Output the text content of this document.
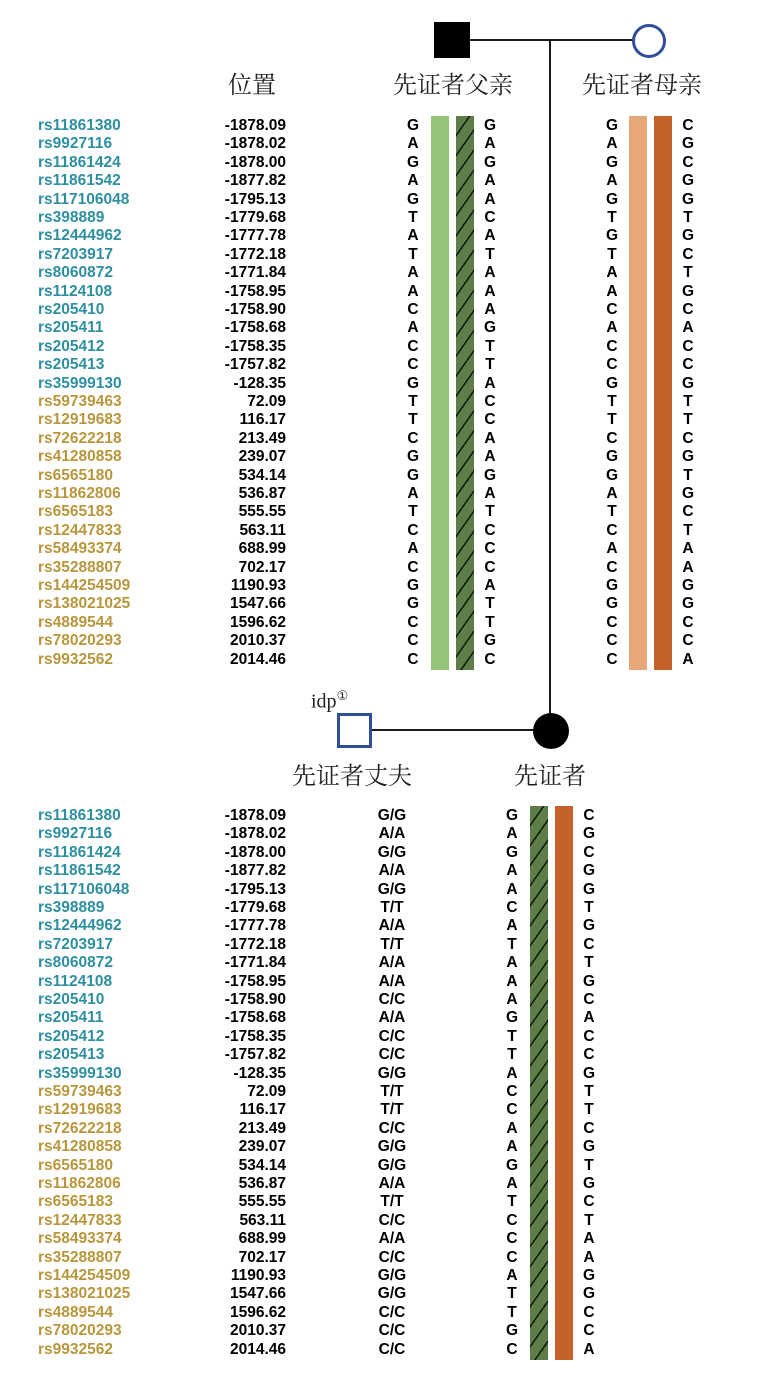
位置	先证者父亲	先证者母亲
idp①
先证者丈夫	先证者
rs11861380	-1878.09	G	G	G	C
rs9927116	-1878.02	A	A	A	G
rs11861424	-1878.00	G	G	G	C
rs11861542	-1877.82	A	A	A	G
rs117106048	-1795.13	G	A	G	G
rs398889	-1779.68	T	C	T	T
rs12444962	-1777.78	A	A	G	G
rs7203917	-1772.18	T	T	T	C
rs8060872	-1771.84	A	A	A	T
rs1124108	-1758.95	A	A	A	G
rs205410	-1758.90	C	A	C	C
rs205411	-1758.68	A	G	A	A
rs205412	-1758.35	C	T	C	C
rs205413	-1757.82	C	T	C	C
rs35999130	-128.35	G	A	G	G
rs59739463	72.09	T	C	T	T
rs12919683	116.17	T	C	T	T
rs72622218	213.49	C	A	C	C
rs41280858	239.07	G	A	G	G
rs6565180	534.14	G	G	G	T
rs11862806	536.87	A	A	A	G
rs6565183	555.55	T	T	T	C
rs12447833	563.11	C	C	C	T
rs58493374	688.99	A	C	A	A
rs35288807	702.17	C	C	C	A
rs144254509	1190.93	G	A	G	G
rs138021025	1547.66	G	T	G	G
rs4889544	1596.62	C	T	C	C
rs78020293	2010.37	C	G	C	C
rs9932562	2014.46	C	C	C	A
rs11861380	-1878.09	G/G	G	C
rs9927116	-1878.02	A/A	A	G
rs11861424	-1878.00	G/G	G	C
rs11861542	-1877.82	A/A	A	G
rs117106048	-1795.13	G/G	A	G
rs398889	-1779.68	T/T	C	T
rs12444962	-1777.78	A/A	A	G
rs7203917	-1772.18	T/T	T	C
rs8060872	-1771.84	A/A	A	T
rs1124108	-1758.95	A/A	A	G
rs205410	-1758.90	C/C	A	C
rs205411	-1758.68	A/A	G	A
rs205412	-1758.35	C/C	T	C
rs205413	-1757.82	C/C	T	C
rs35999130	-128.35	G/G	A	G
rs59739463	72.09	T/T	C	T
rs12919683	116.17	T/T	C	T
rs72622218	213.49	C/C	A	C
rs41280858	239.07	G/G	A	G
rs6565180	534.14	G/G	G	T
rs11862806	536.87	A/A	A	G
rs6565183	555.55	T/T	T	C
rs12447833	563.11	C/C	C	T
rs58493374	688.99	A/A	C	A
rs35288807	702.17	C/C	C	A
rs144254509	1190.93	G/G	A	G
rs138021025	1547.66	G/G	T	G
rs4889544	1596.62	C/C	T	C
rs78020293	2010.37	C/C	G	C
rs9932562	2014.46	C/C	C	A
